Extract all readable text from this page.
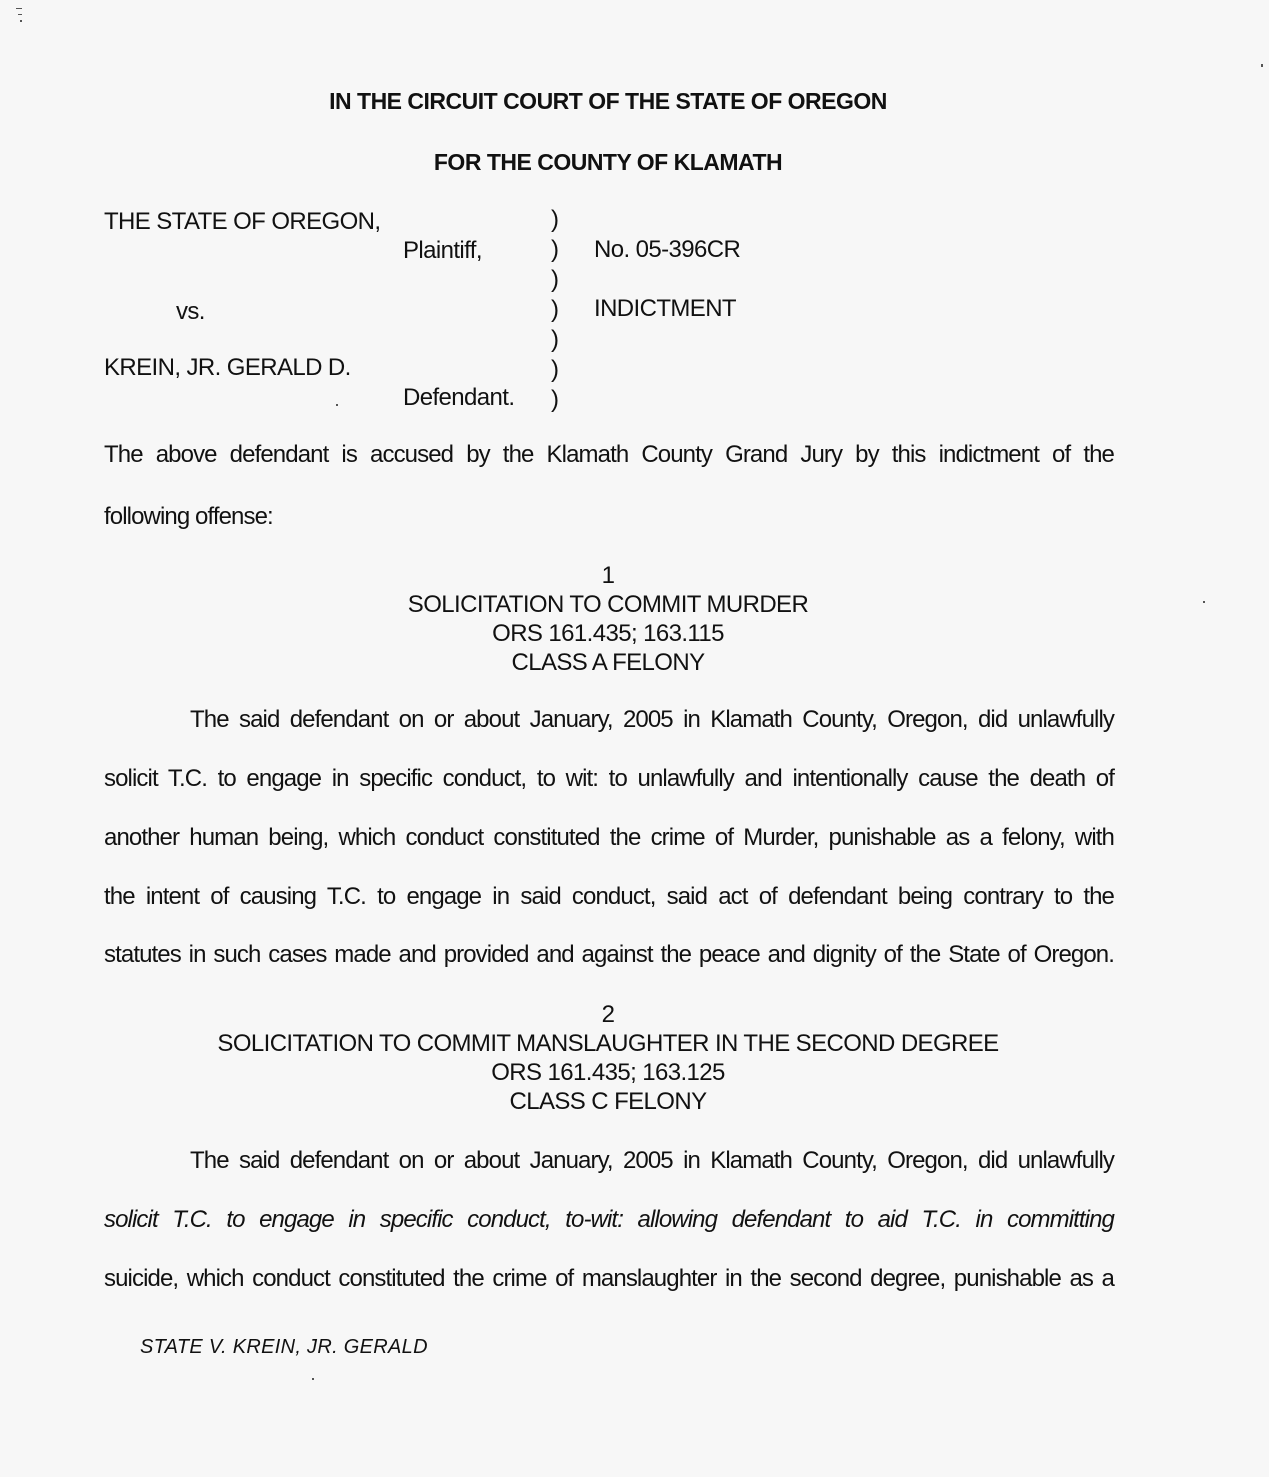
IN THE CIRCUIT COURT OF THE STATE OF OREGON
FOR THE COUNTY OF KLAMATH
THE STATE OF OREGON,
Plaintiff,
vs.
KREIN, JR. GERALD D.
Defendant.
)
)
)
)
)
)
)
No. 05-396CR
INDICTMENT
The above defendant is accused by the Klamath County Grand Jury by this indictment of the
following offense:
1
SOLICITATION TO COMMIT MURDER
ORS 161.435; 163.115
CLASS A FELONY
The said defendant on or about January, 2005 in Klamath County, Oregon, did unlawfully
solicit T.C. to engage in specific conduct, to wit: to unlawfully and intentionally cause the death of
another human being, which conduct constituted the crime of Murder, punishable as a felony, with
the intent of causing T.C. to engage in said conduct, said act of defendant being contrary to the
statutes in such cases made and provided and against the peace and dignity of the State of Oregon.
2
SOLICITATION TO COMMIT MANSLAUGHTER IN THE SECOND DEGREE
ORS 161.435; 163.125
CLASS C FELONY
The said defendant on or about January, 2005 in Klamath County, Oregon, did unlawfully
solicit T.C. to engage in specific conduct, to-wit: allowing defendant to aid T.C. in committing
suicide, which conduct constituted the crime of manslaughter in the second degree, punishable as a
STATE V. KREIN, JR. GERALD
